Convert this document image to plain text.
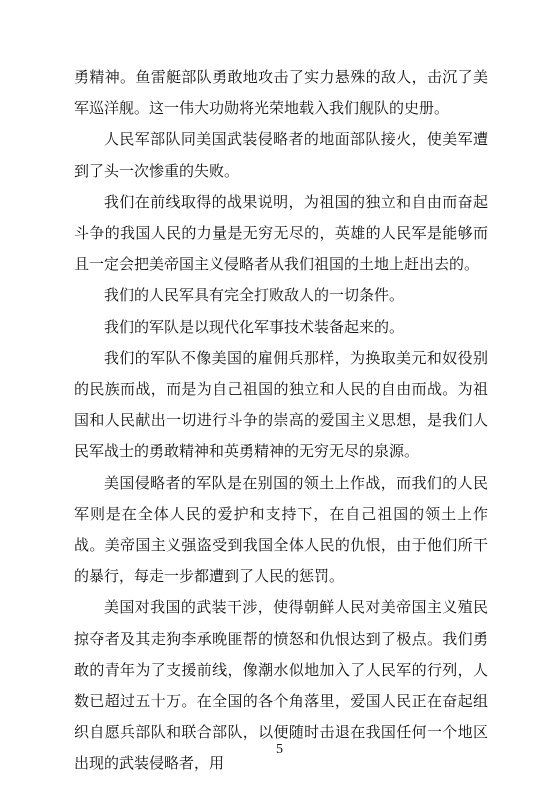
勇精神。鱼雷艇部队勇敢地攻击了实力悬殊的敌人，击沉了美军巡洋舰。这一伟大功勋将光荣地载入我们舰队的史册。

人民军部队同美国武装侵略者的地面部队接火，使美军遭到了头一次惨重的失败。

我们在前线取得的战果说明，为祖国的独立和自由而奋起斗争的我国人民的力量是无穷无尽的，英雄的人民军是能够而且一定会把美帝国主义侵略者从我们祖国的土地上赶出去的。

我们的人民军具有完全打败敌人的一切条件。

我们的军队是以现代化军事技术装备起来的。

我们的军队不像美国的雇佣兵那样，为换取美元和奴役别的民族而战，而是为自己祖国的独立和人民的自由而战。为祖国和人民献出一切进行斗争的崇高的爱国主义思想，是我们人民军战士的勇敢精神和英勇精神的无穷无尽的泉源。

美国侵略者的军队是在别国的领土上作战，而我们的人民军则是在全体人民的爱护和支持下，在自己祖国的领土上作战。美帝国主义强盗受到我国全体人民的仇恨，由于他们所干的暴行，每走一步都遭到了人民的惩罚。

美国对我国的武装干涉，使得朝鲜人民对美帝国主义殖民掠夺者及其走狗李承晚匪帮的愤怒和仇恨达到了极点。我们勇敢的青年为了支援前线，像潮水似地加入了人民军的行列，人数已超过五十万。在全国的各个角落里，爱国人民正在奋起组织自愿兵部队和联合部队，以便随时击退在我国任何一个地区出现的武装侵略者，用

5
